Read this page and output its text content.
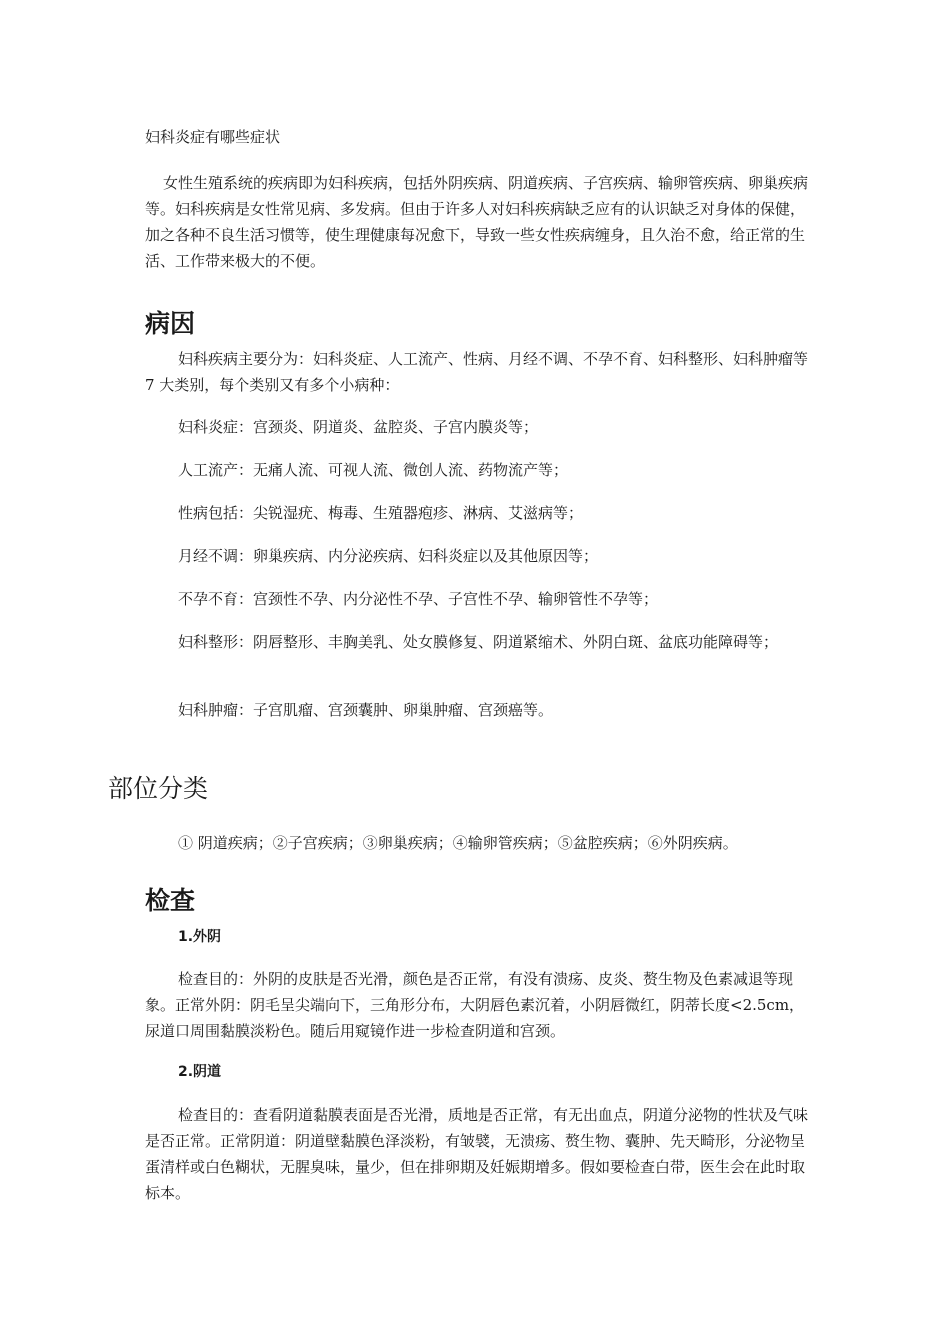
妇科炎症有哪些症状

女性生殖系统的疾病即为妇科疾病，包括外阴疾病、阴道疾病、子宫疾病、输卵管疾病、卵巢疾病等。妇科疾病是女性常见病、多发病。但由于许多人对妇科疾病缺乏应有的认识缺乏对身体的保健，加之各种不良生活习惯等，使生理健康每况愈下，导致一些女性疾病缠身，且久治不愈，给正常的生活、工作带来极大的不便。

病因

妇科疾病主要分为：妇科炎症、人工流产、性病、月经不调、不孕不育、妇科整形、妇科肿瘤等 7 大类别，每个类别又有多个小病种：

妇科炎症：宫颈炎、阴道炎、盆腔炎、子宫内膜炎等；

人工流产：无痛人流、可视人流、微创人流、药物流产等；

性病包括：尖锐湿疣、梅毒、生殖器疱疹、淋病、艾滋病等；

月经不调：卵巢疾病、内分泌疾病、妇科炎症以及其他原因等；

不孕不育：宫颈性不孕、内分泌性不孕、子宫性不孕、输卵管性不孕等；

妇科整形：阴唇整形、丰胸美乳、处女膜修复、阴道紧缩术、外阴白斑、盆底功能障碍等；

妇科肿瘤：子宫肌瘤、宫颈囊肿、卵巢肿瘤、宫颈癌等。

部位分类

① 阴道疾病；②子宫疾病；③卵巢疾病；④输卵管疾病；⑤盆腔疾病；⑥外阴疾病。

检查
1.外阴

检查目的：外阴的皮肤是否光滑，颜色是否正常，有没有溃疡、皮炎、赘生物及色素减退等现象。正常外阴：阴毛呈尖端向下，三角形分布，大阴唇色素沉着，小阴唇微红，阴蒂长度<2.5cm，尿道口周围黏膜淡粉色。随后用窥镜作进一步检查阴道和宫颈。

2.阴道

检查目的：查看阴道黏膜表面是否光滑，质地是否正常，有无出血点，阴道分泌物的性状及气味是否正常。正常阴道：阴道壁黏膜色泽淡粉，有皱襞，无溃疡、赘生物、囊肿、先天畸形，分泌物呈蛋清样或白色糊状，无腥臭味，量少，但在排卵期及妊娠期增多。假如要检查白带，医生会在此时取标本。
